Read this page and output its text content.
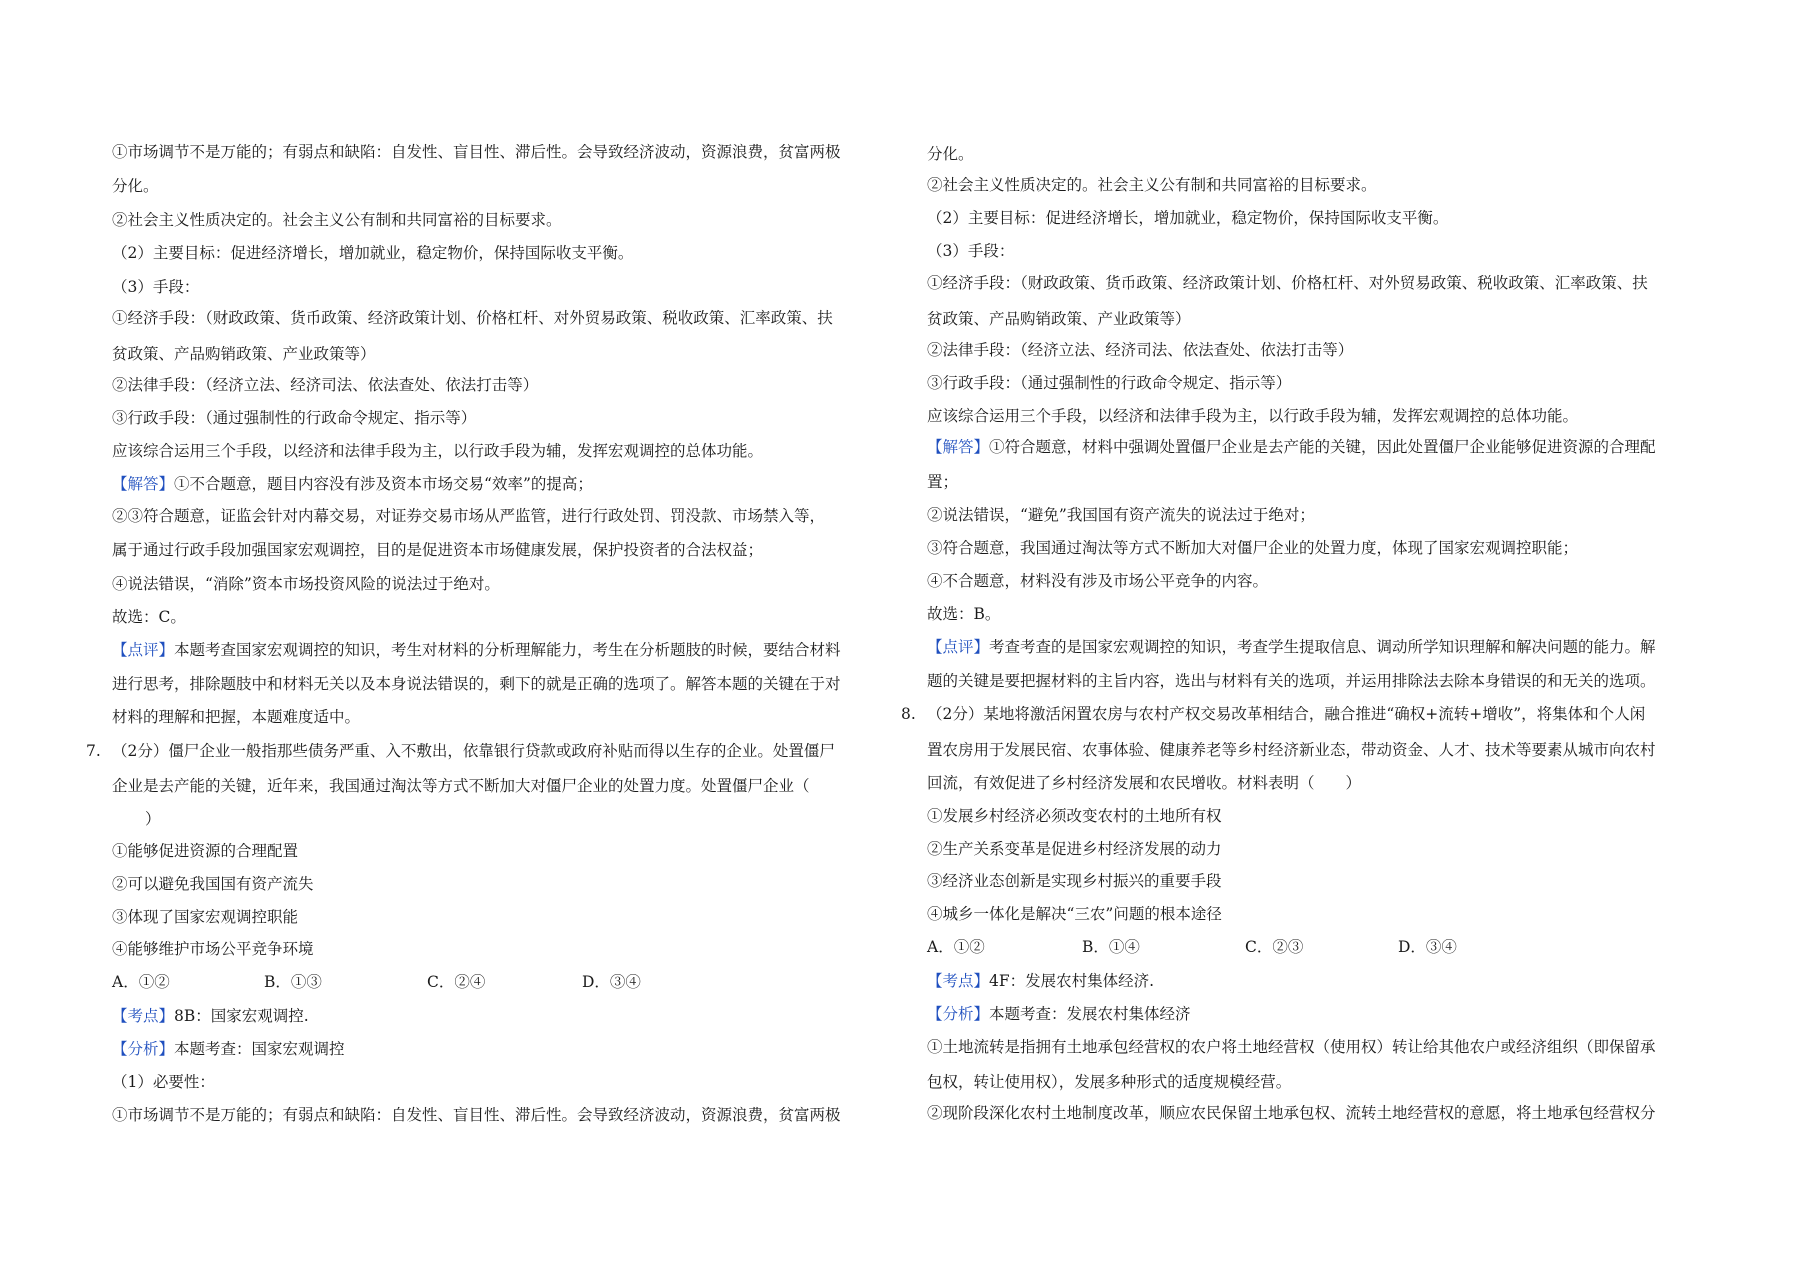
①市场调节不是万能的；有弱点和缺陷：自发性、盲目性、滞后性。会导致经济波动，资源浪费，贫富两极
分化。
②社会主义性质决定的。社会主义公有制和共同富裕的目标要求。
（2）主要目标：促进经济增长，增加就业，稳定物价，保持国际收支平衡。
（3）手段：
①经济手段：（财政政策、货币政策、经济政策计划、价格杠杆、对外贸易政策、税收政策、汇率政策、扶
贫政策、产品购销政策、产业政策等）
②法律手段：（经济立法、经济司法、依法查处、依法打击等）
③行政手段：（通过强制性的行政命令规定、指示等）
应该综合运用三个手段，以经济和法律手段为主，以行政手段为辅，发挥宏观调控的总体功能。
【解答】①不合题意，题目内容没有涉及资本市场交易“效率”的提高；
②③符合题意，证监会针对内幕交易，对证券交易市场从严监管，进行行政处罚、罚没款、市场禁入等，
属于通过行政手段加强国家宏观调控，目的是促进资本市场健康发展，保护投资者的合法权益；
④说法错误，“消除”资本市场投资风险的说法过于绝对。
故选：C。
【点评】本题考查国家宏观调控的知识，考生对材料的分析理解能力，考生在分析题肢的时候，要结合材料
进行思考，排除题肢中和材料无关以及本身说法错误的，剩下的就是正确的选项了。解答本题的关键在于对
材料的理解和把握，本题难度适中。
7. （2分）僵尸企业一般指那些债务严重、入不敷出，依靠银行贷款或政府补贴而得以生存的企业。处置僵尸
企业是去产能的关键，近年来，我国通过淘汰等方式不断加大对僵尸企业的处置力度。处置僵尸企业（
）
①能够促进资源的合理配置
②可以避免我国国有资产流失
③体现了国家宏观调控职能
④能够维护市场公平竞争环境
A．①②	B．①③	C．②④	D．③④
【考点】8B：国家宏观调控.
【分析】本题考查：国家宏观调控
（1）必要性：
①市场调节不是万能的；有弱点和缺陷：自发性、盲目性、滞后性。会导致经济波动，资源浪费，贫富两极
分化。
②社会主义性质决定的。社会主义公有制和共同富裕的目标要求。
（2）主要目标：促进经济增长，增加就业，稳定物价，保持国际收支平衡。
（3）手段：
①经济手段：（财政政策、货币政策、经济政策计划、价格杠杆、对外贸易政策、税收政策、汇率政策、扶
贫政策、产品购销政策、产业政策等）
②法律手段：（经济立法、经济司法、依法查处、依法打击等）
③行政手段：（通过强制性的行政命令规定、指示等）
应该综合运用三个手段，以经济和法律手段为主，以行政手段为辅，发挥宏观调控的总体功能。
【解答】①符合题意，材料中强调处置僵尸企业是去产能的关键，因此处置僵尸企业能够促进资源的合理配
置；
②说法错误，“避免”我国国有资产流失的说法过于绝对；
③符合题意，我国通过淘汰等方式不断加大对僵尸企业的处置力度，体现了国家宏观调控职能；
④不合题意，材料没有涉及市场公平竞争的内容。
故选：B。
【点评】考查考查的是国家宏观调控的知识，考查学生提取信息、调动所学知识理解和解决问题的能力。解
题的关键是要把握材料的主旨内容，选出与材料有关的选项，并运用排除法去除本身错误的和无关的选项。
8. （2分）某地将激活闲置农房与农村产权交易改革相结合，融合推进“确权+流转+增收”，将集体和个人闲
置农房用于发展民宿、农事体验、健康养老等乡村经济新业态，带动资金、人才、技术等要素从城市向农村
回流，有效促进了乡村经济发展和农民增收。材料表明（　　）
①发展乡村经济必须改变农村的土地所有权
②生产关系变革是促进乡村经济发展的动力
③经济业态创新是实现乡村振兴的重要手段
④城乡一体化是解决“三农”问题的根本途径
A．①②	B．①④	C．②③	D．③④
【考点】4F：发展农村集体经济.
【分析】本题考查：发展农村集体经济
①土地流转是指拥有土地承包经营权的农户将土地经营权（使用权）转让给其他农户或经济组织（即保留承
包权，转让使用权），发展多种形式的适度规模经营。
②现阶段深化农村土地制度改革，顺应农民保留土地承包权、流转土地经营权的意愿，将土地承包经营权分
